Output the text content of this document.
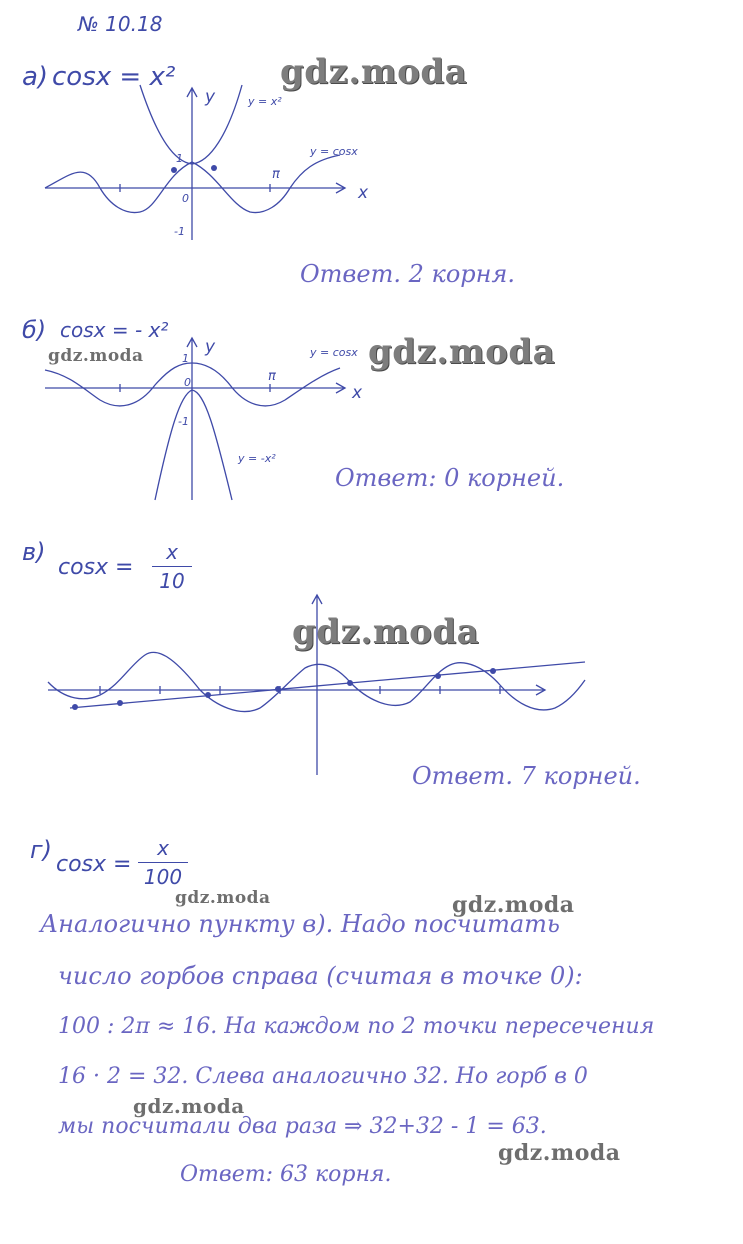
№ 10.18
а) cosx = x²
y
x
1
0
-1
π
y = x²
y = cosx
Ответ. 2 корня.
б) cosx = - x²
y
x
1
0
-1
π
y = cosx
y = -x²
Ответ: 0 корней.
в)
cosx =
x
10
Ответ. 7 корней.
г)
cosx =
x
100
Аналогично пункту в). Надо посчитать
число горбов справа (считая в точке 0):
100 : 2π ≈ 16. На каждом по 2 точки пересечения
16 · 2 = 32. Слева аналогично 32. Но горб в 0
мы посчитали два раза ⇒ 32+32 - 1 = 63.
Ответ: 63 корня.
gdz.moda
gdz.moda
gdz.moda
gdz.moda
gdz.moda	gdz.moda
gdz.moda
gdz.moda
